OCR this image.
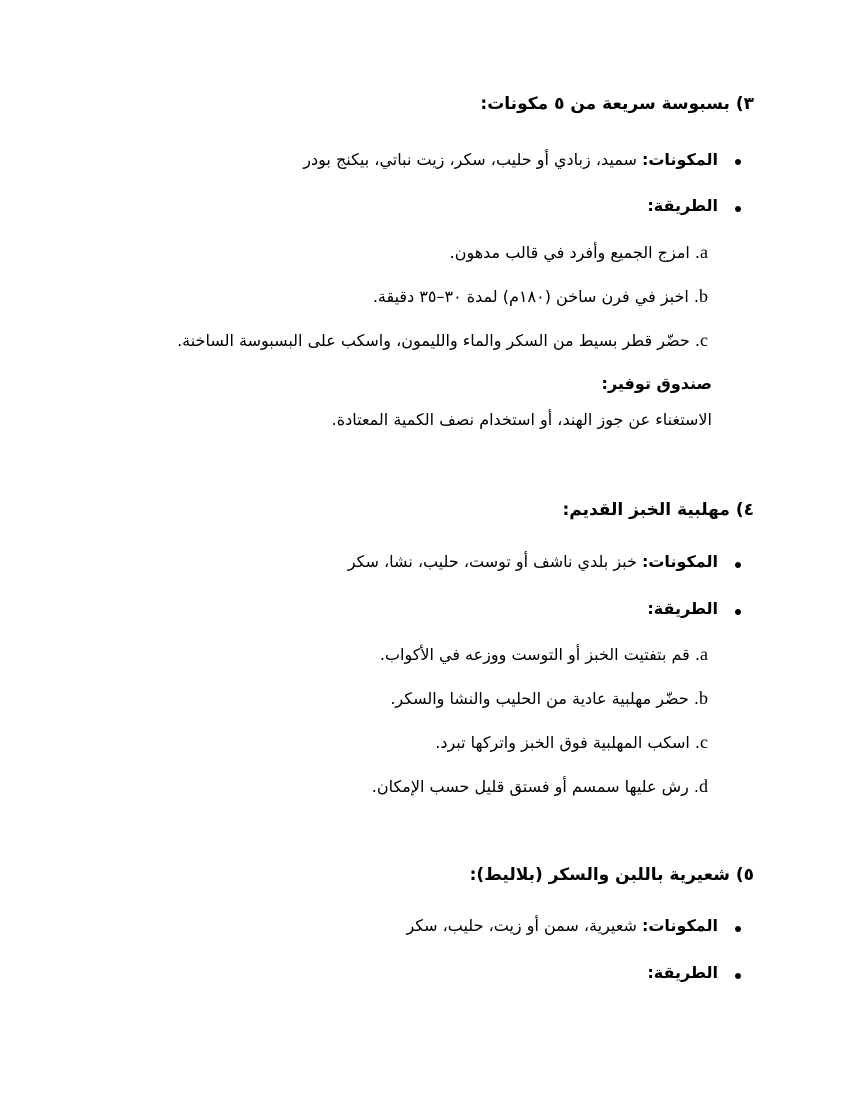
٣) بسبوسة سريعة من ٥ مكونات:
المكونات: سميد، زبادي أو حليب، سكر، زيت نباتي، بيكنج بودر
الطريقة:
a. امزج الجميع وأفرد في قالب مدهون.
b. اخبز في فرن ساخن (١٨٠م) لمدة ٣٠–٣٥ دقيقة.
c. حضّر قطر بسيط من السكر والماء والليمون، واسكب على البسبوسة الساخنة.
صندوق توفير:
الاستغناء عن جوز الهند، أو استخدام نصف الكمية المعتادة.
٤) مهلبية الخبز القديم:
المكونات: خبز بلدي ناشف أو توست، حليب، نشا، سكر
الطريقة:
a. قم بتفتيت الخبز أو التوست ووزعه في الأكواب.
b. حضّر مهلبية عادية من الحليب والنشا والسكر.
c. اسكب المهلبية فوق الخبز واتركها تبرد.
d. رش عليها سمسم أو فستق قليل حسب الإمكان.
٥) شعيرية باللبن والسكر (بلاليط):
المكونات: شعيرية، سمن أو زيت، حليب، سكر
الطريقة:
